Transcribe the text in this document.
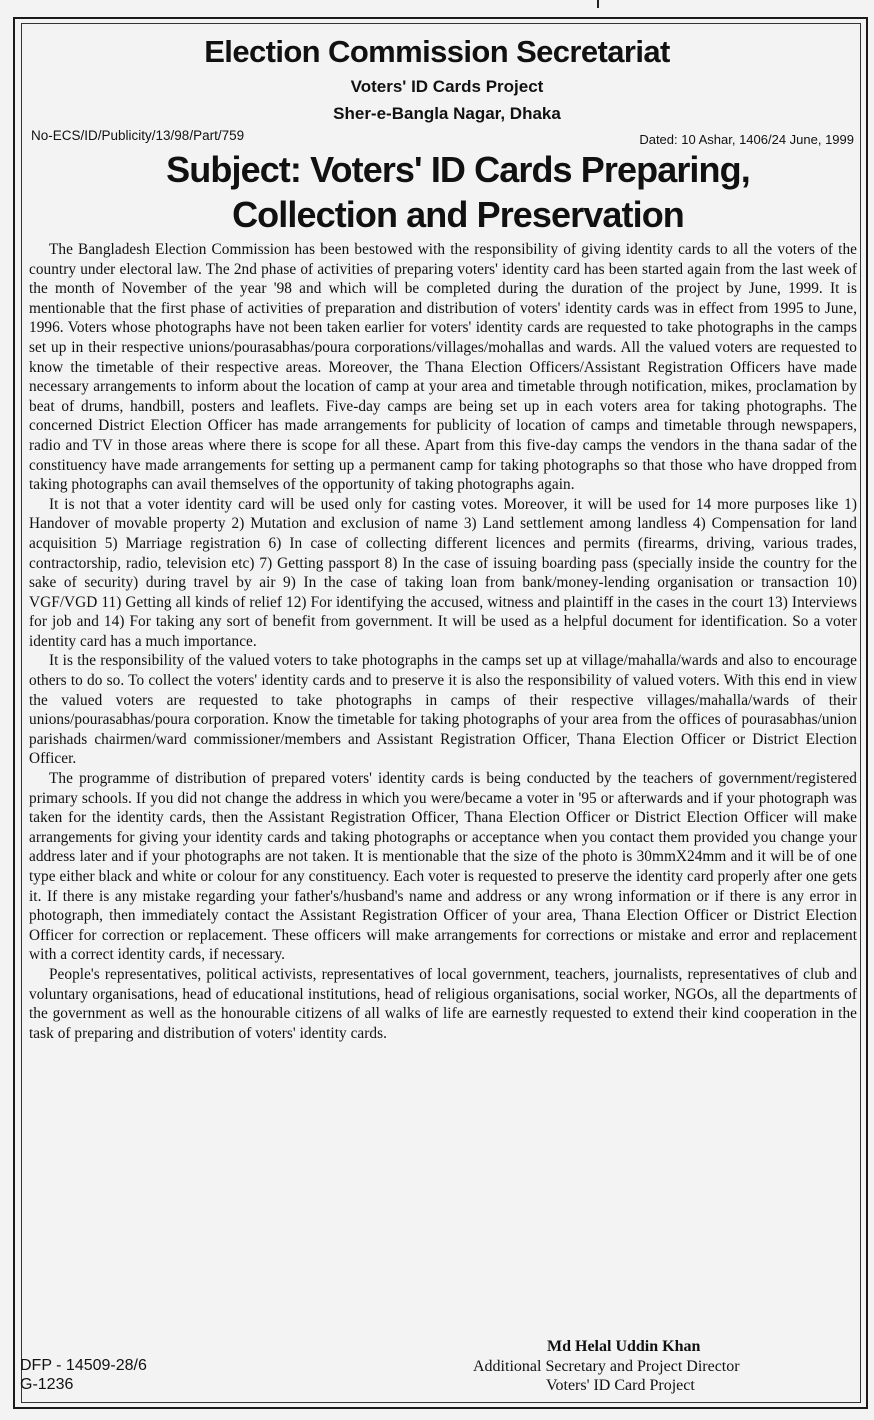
Election Commission Secretariat
Voters' ID Cards Project
Sher-e-Bangla Nagar, Dhaka
No-ECS/ID/Publicity/13/98/Part/759	Dated: 10 Ashar, 1406/24 June, 1999
Subject: Voters' ID Cards Preparing,
Collection and Preservation

The Bangladesh Election Commission has been bestowed with the responsibility of giving identity cards to all the voters of the country under electoral law. The 2nd phase of activities of preparing voters' identity card has been started again from the last week of the month of November of the year '98 and which will be completed during the duration of the project by June, 1999. It is mentionable that the first phase of activities of preparation and distribution of voters' identity cards was in effect from 1995 to June, 1996. Voters whose photographs have not been taken earlier for voters' identity cards are requested to take photographs in the camps set up in their respective unions/pourasabhas/poura corporations/villages/mohallas and wards. All the valued voters are requested to know the timetable of their respective areas. Moreover, the Thana Election Officers/Assistant Registration Officers have made necessary arrangements to inform about the location of camp at your area and timetable through notification, mikes, proclamation by beat of drums, handbill, posters and leaflets. Five-day camps are being set up in each voters area for taking photographs. The concerned District Election Officer has made arrangements for publicity of location of camps and timetable through newspapers, radio and TV in those areas where there is scope for all these. Apart from this five-day camps the vendors in the thana sadar of the constituency have made arrangements for setting up a permanent camp for taking photographs so that those who have dropped from taking photographs can avail themselves of the opportunity of taking photographs again.

It is not that a voter identity card will be used only for casting votes. Moreover, it will be used for 14 more purposes like 1) Handover of movable property 2) Mutation and exclusion of name 3) Land settlement among landless 4) Compensation for land acquisition 5) Marriage registration 6) In case of collecting different licences and permits (firearms, driving, various trades, contractorship, radio, television etc) 7) Getting passport 8) In the case of issuing boarding pass (specially inside the country for the sake of security) during travel by air 9) In the case of taking loan from bank/money-lending organisation or transaction 10) VGF/VGD 11) Getting all kinds of relief 12) For identifying the accused, witness and plaintiff in the cases in the court 13) Interviews for job and 14) For taking any sort of benefit from government. It will be used as a helpful document for identification. So a voter identity card has a much importance.

It is the responsibility of the valued voters to take photographs in the camps set up at village/mahalla/wards and also to encourage others to do so. To collect the voters' identity cards and to preserve it is also the responsibility of valued voters. With this end in view the valued voters are requested to take photographs in camps of their respective villages/mahalla/wards of their unions/pourasabhas/poura corporation. Know the timetable for taking photographs of your area from the offices of pourasabhas/union parishads chairmen/ward commissioner/members and Assistant Registration Officer, Thana Election Officer or District Election Officer.

The programme of distribution of prepared voters' identity cards is being conducted by the teachers of government/registered primary schools. If you did not change the address in which you were/became a voter in '95 or afterwards and if your photograph was taken for the identity cards, then the Assistant Registration Officer, Thana Election Officer or District Election Officer will make arrangements for giving your identity cards and taking photographs or acceptance when you contact them provided you change your address later and if your photographs are not taken. It is mentionable that the size of the photo is 30mmX24mm and it will be of one type either black and white or colour for any constituency. Each voter is requested to preserve the identity card properly after one gets it. If there is any mistake regarding your father's/husband's name and address or any wrong information or if there is any error in photograph, then immediately contact the Assistant Registration Officer of your area, Thana Election Officer or District Election Officer for correction or replacement. These officers will make arrangements for corrections or mistake and error and replacement with a correct identity cards, if necessary.

People's representatives, political activists, representatives of local government, teachers, journalists, representatives of club and voluntary organisations, head of educational institutions, head of religious organisations, social worker, NGOs, all the departments of the government as well as the honourable citizens of all walks of life are earnestly requested to extend their kind cooperation in the task of preparing and distribution of voters' identity cards.

Md Helal Uddin Khan
Additional Secretary and Project Director
Voters' ID Card Project
DFP - 14509-28/6
G-1236
